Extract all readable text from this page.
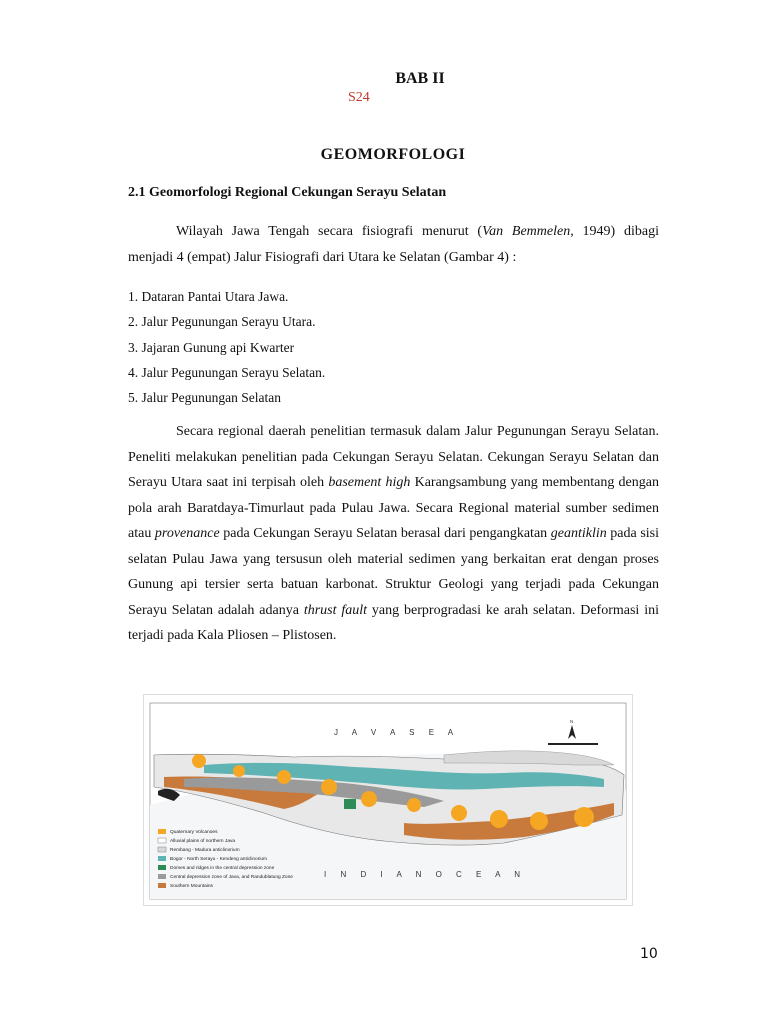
BAB II
S24
GEOMORFOLOGI
2.1 Geomorfologi Regional Cekungan Serayu Selatan
Wilayah Jawa Tengah secara fisiografi menurut (Van Bemmelen, 1949) dibagi menjadi 4 (empat) Jalur Fisiografi dari Utara ke Selatan (Gambar 4) :
1. Dataran Pantai Utara Jawa.
2. Jalur Pegunungan Serayu Utara.
3. Jajaran Gunung api Kwarter
4. Jalur Pegunungan Serayu Selatan.
5. Jalur Pegunungan Selatan
Secara regional daerah penelitian termasuk dalam Jalur Pegunungan Serayu Selatan. Peneliti melakukan penelitian pada Cekungan Serayu Selatan. Cekungan Serayu Selatan dan Serayu Utara saat ini terpisah oleh basement high Karangsambung yang membentang dengan pola arah Baratdaya-Timurlaut pada Pulau Jawa. Secara Regional material sumber sedimen atau provenance pada Cekungan Serayu Selatan berasal dari pengangkatan geantiklin pada sisi selatan Pulau Jawa yang tersusun oleh material sedimen yang berkaitan erat dengan proses Gunung api tersier serta batuan karbonat. Struktur Geologi yang terjadi pada Cekungan Serayu Selatan adalah adanya thrust fault yang berprogradasi ke arah selatan. Deformasi ini terjadi pada Kala Pliosen – Plistosen.
J A V A S E A
I N D I A N O C E A N
N
Quaternary Volcanoes
Alluvial plains of northern Java
Rembang - Madura anticlinorium
Bogor - North Serayu - Kendeng anticlinorium
Domes and ridges in the central depression zone
Central depression zone of Java, and Randublatung Zone
Southern Mountains
10
